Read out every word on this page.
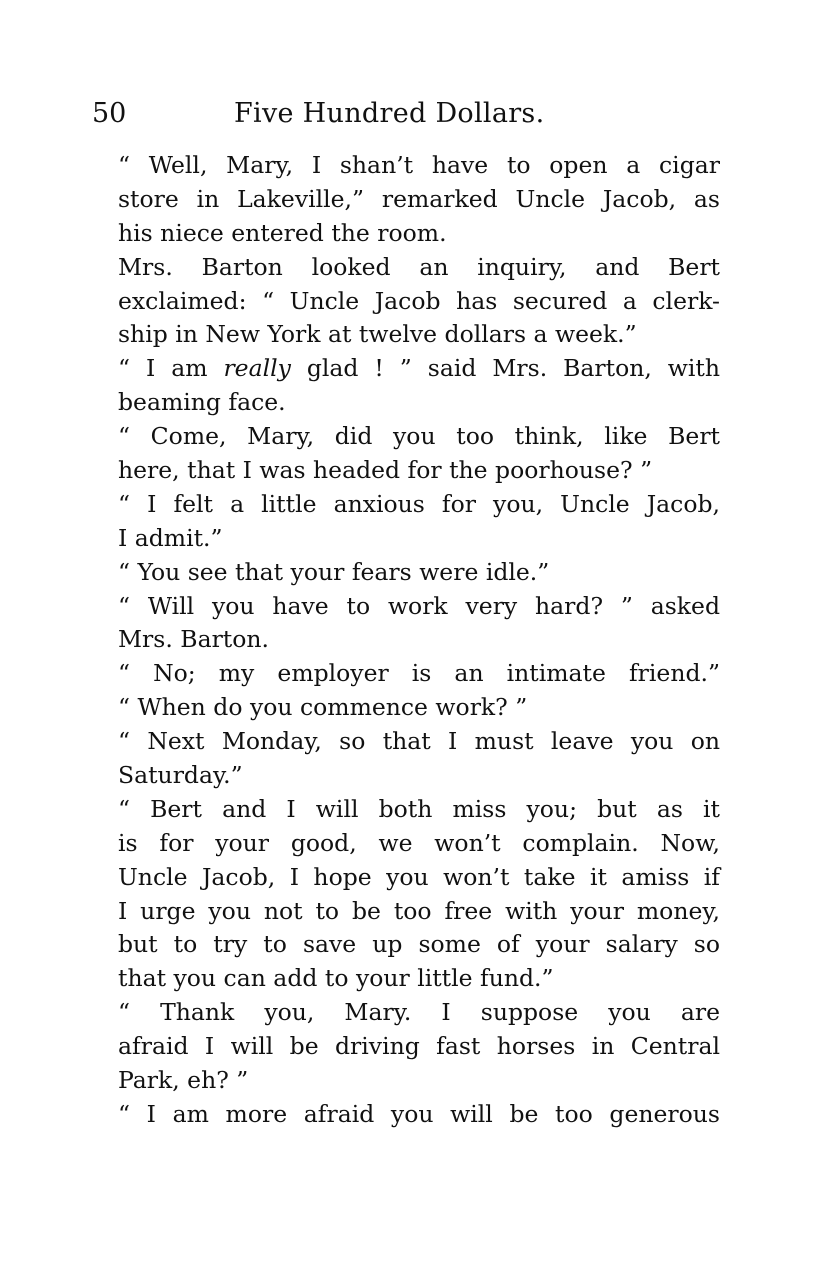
50	Five Hundred Dollars.
“ Well, Mary, I shan’t have to open a cigar
store in Lakeville,” remarked Uncle Jacob, as
his niece entered the room.
Mrs. Barton looked an inquiry, and Bert
exclaimed: “ Uncle Jacob has secured a clerk-
ship in New York at twelve dollars a week.”
“ I am really glad ! ” said Mrs. Barton, with
beaming face.
“ Come, Mary, did you too think, like Bert
here, that I was headed for the poorhouse? ”
“ I felt a little anxious for you, Uncle Jacob,
I admit.”
“ You see that your fears were idle.”
“ Will you have to work very hard? ” asked
Mrs. Barton.
“ No; my employer is an intimate friend.”
“ When do you commence work? ”
“ Next Monday, so that I must leave you on
Saturday.”
“ Bert and I will both miss you; but as it
is for your good, we won’t complain. Now,
Uncle Jacob, I hope you won’t take it amiss if
I urge you not to be too free with your money,
but to try to save up some of your salary so
that you can add to your little fund.”
“ Thank you, Mary. I suppose you are
afraid I will be driving fast horses in Central
Park, eh? ”
“ I am more afraid you will be too generous
